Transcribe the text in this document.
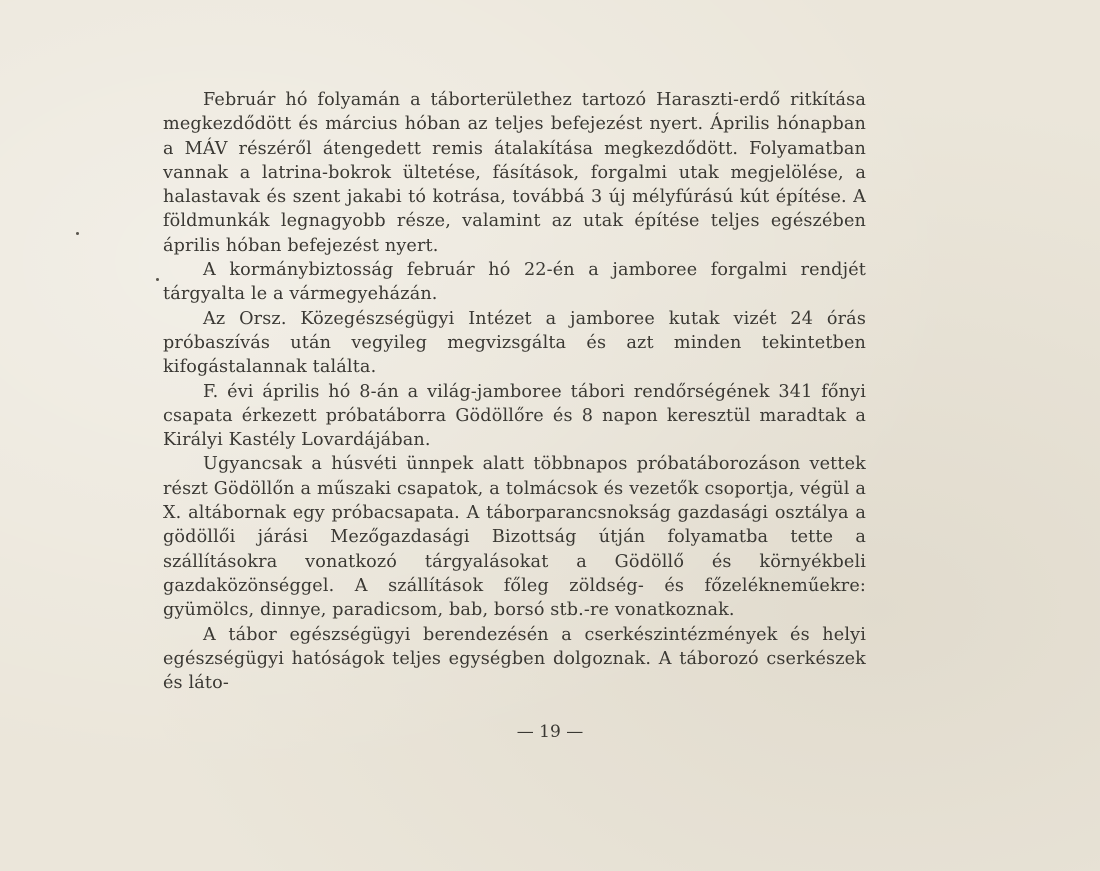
Február hó folyamán a táborterülethez tartozó Haraszti-erdő ritkítása megkezdődött és március hóban az teljes befejezést nyert. Április hónapban a MÁV részéről átengedett remis átalakítása megkezdődött. Folyamatban vannak a latrina-bokrok ültetése, fásítások, forgalmi utak megjelölése, a halastavak és szent jakabi tó kotrása, továbbá 3 új mélyfúrású kút építése. A földmunkák legnagyobb része, valamint az utak építése teljes egészében április hóban befejezést nyert.

A kormánybiztosság február hó 22-én a jamboree forgalmi rendjét tárgyalta le a vármegyeházán.

Az Orsz. Közegészségügyi Intézet a jamboree kutak vizét 24 órás próbaszívás után vegyileg megvizsgálta és azt minden tekintetben kifogástalannak találta.

F. évi április hó 8-án a világ-jamboree tábori rendőrségének 341 főnyi csapata érkezett próbatáborra Gödöllőre és 8 napon keresztül maradtak a Királyi Kastély Lovardájában.

Ugyancsak a húsvéti ünnpek alatt többnapos próbatáborozáson vettek részt Gödöllőn a műszaki csapatok, a tolmácsok és vezetők csoportja, végül a X. altábornak egy próbacsapata. A táborparancsnokság gazdasági osztálya a gödöllői járási Mezőgazdasági Bizottság útján folyamatba tette a szállításokra vonatkozó tárgyalásokat a Gödöllő és környékbeli gazdaközönséggel. A szállítások főleg zöldség- és főzelékneműekre: gyümölcs, dinnye, paradicsom, bab, borsó stb.-re vonatkoznak.

A tábor egészségügyi berendezésén a cserkészintézmények és helyi egészségügyi hatóságok teljes egységben dolgoznak. A táborozó cserkészek és láto-

— 19 —
